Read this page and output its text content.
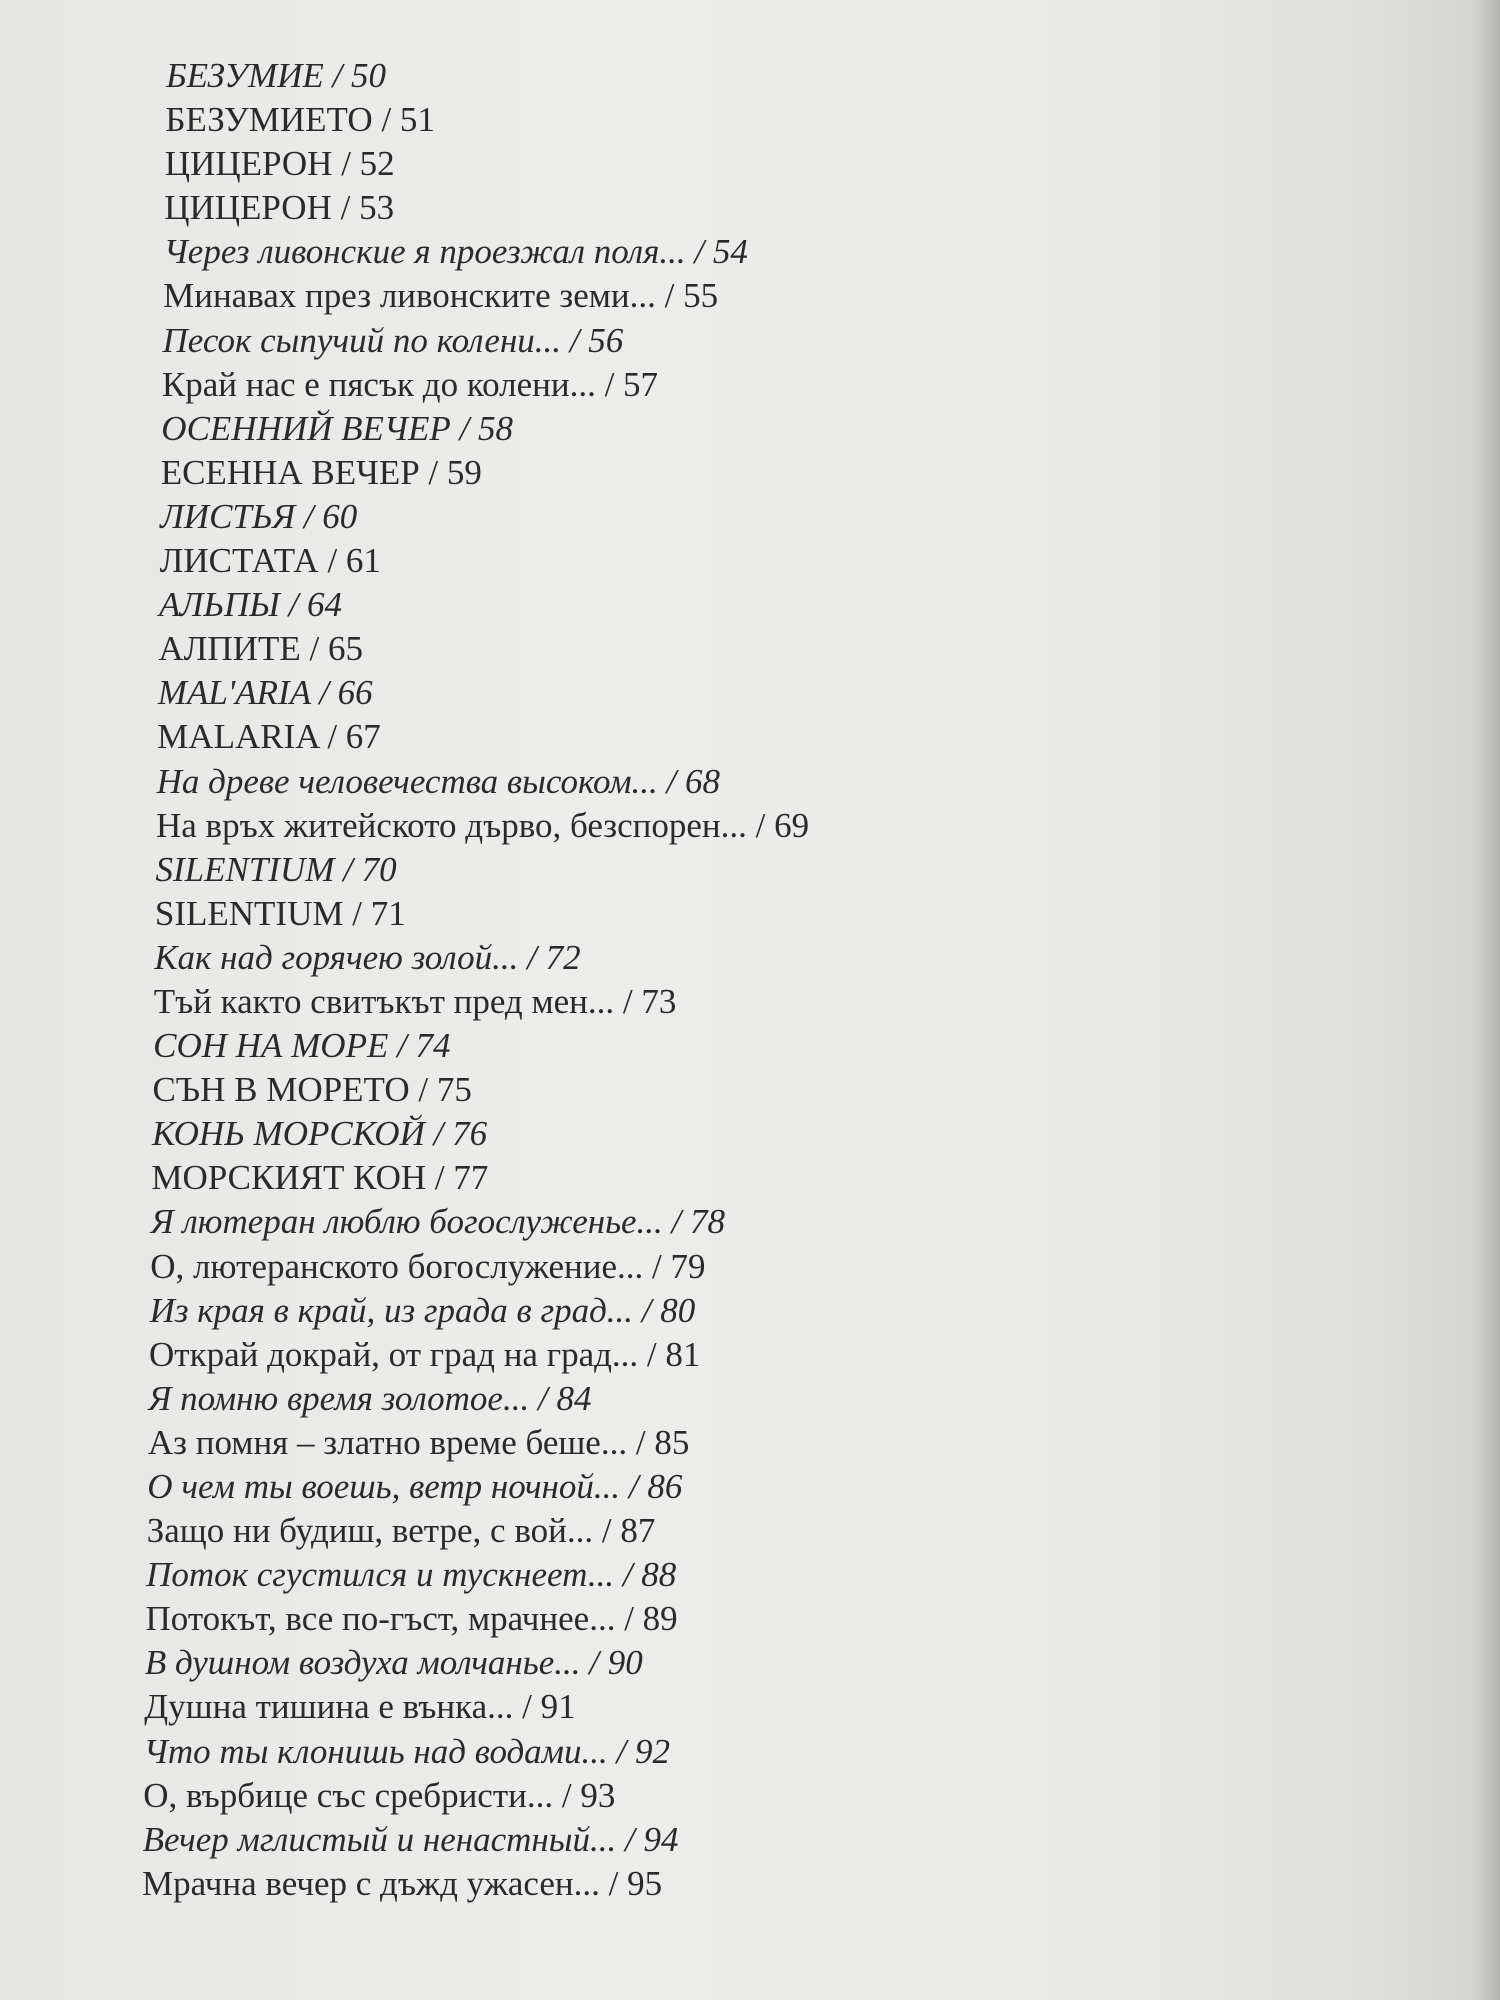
БЕЗУМИЕ / 50
БЕЗУМИЕТО / 51
ЦИЦЕРОН / 52
ЦИЦЕРОН / 53
Через ливонские я проезжал поля... / 54
Минавах през ливонските земи... / 55
Песок сыпучий по колени... / 56
Край нас е пясък до колени... / 57
ОСЕННИЙ ВЕЧЕР / 58
ЕСЕННА ВЕЧЕР / 59
ЛИСТЬЯ / 60
ЛИСТАТА / 61
АЛЬПЫ / 64
АЛПИТЕ / 65
MAL'ARIA / 66
MALARIA / 67
На древе человечества высоком... / 68
На връх житейското дърво, безспорен... / 69
SILENTIUM / 70
SILENTIUM / 71
Как над горячею золой... / 72
Тъй както свитъкът пред мен... / 73
СОН НА МОРЕ / 74
СЪН В МОРЕТО / 75
КОНЬ МОРСКОЙ / 76
МОРСКИЯТ КОН / 77
Я лютеран люблю богослуженье... / 78
О, лютеранското богослужение... / 79
Из края в край, из града в град... / 80
Открай докрай, от град на град... / 81
Я помню время золотое... / 84
Аз помня – златно време беше... / 85
О чем ты воешь, ветр ночной... / 86
Защо ни будиш, ветре, с вой... / 87
Поток сгустился и тускнеет... / 88
Потокът, все по-гъст, мрачнее... / 89
В душном воздуха молчанье... / 90
Душна тишина е вънка... / 91
Что ты клонишь над водами... / 92
О, върбице със сребристи... / 93
Вечер мглистый и ненастный... / 94
Мрачна вечер с дъжд ужасен... / 95
